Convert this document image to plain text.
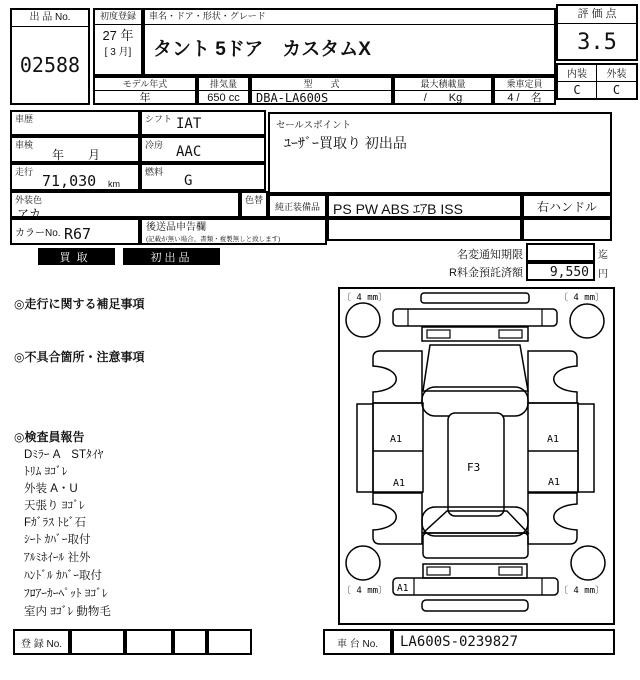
出 品 No.
02588
初度登録
27 年
[ 3 月]
車名・ドア・形状・グレード
タント 5ドア　カスタムX
モデル年式
年
排気量
650 cc
型　　式
DBA-LA600S
最大積載量
/　　Kg
乗車定員
4 /　名
評 価 点
3.5
内装	外装
C	C
車歴	シフト IAT
車検
年　　月
冷房 AAC
走行 71,030 km
燃料
G
外装色
アカ
色替
カラーNo. R67	後送品申告欄
(記載が無い場合、書類・複製無しと致します)
セールスポイント
ﾕｰｻﾞｰ買取り 初出品
純正装備品 PS PW ABS ｴｱB ISS	右ハンドル
買取	初出品	名変通知期限	迄
R料金預託済額	9,550 円
◎走行に関する補足事項
◎不具合箇所・注意事項
◎検査員報告
Dﾐﾗｰ A　STﾀｲﾔ
ﾄﾘﾑ ﾖｺﾞﾚ
外装 A・U
天張り ﾖｺﾞﾚ
Fｶﾞﾗｽ ﾄﾋﾞ石
ｼｰﾄ ｶﾊﾞｰ取付
ｱﾙﾐﾎｲｰﾙ 社外
ﾊﾝﾄﾞﾙ ｶﾊﾞｰ取付
ﾌﾛｱｰｶｰﾍﾟｯﾄ ﾖｺﾞﾚ
室内 ﾖｺﾞﾚ 動物毛
〔 4 mm〕	〔 4 mm〕
〔 4 mm〕	〔 4 mm〕
A1
A1
A1
A1
F3
A1
登 録 No.	車 台 No.	LA600S-0239827
